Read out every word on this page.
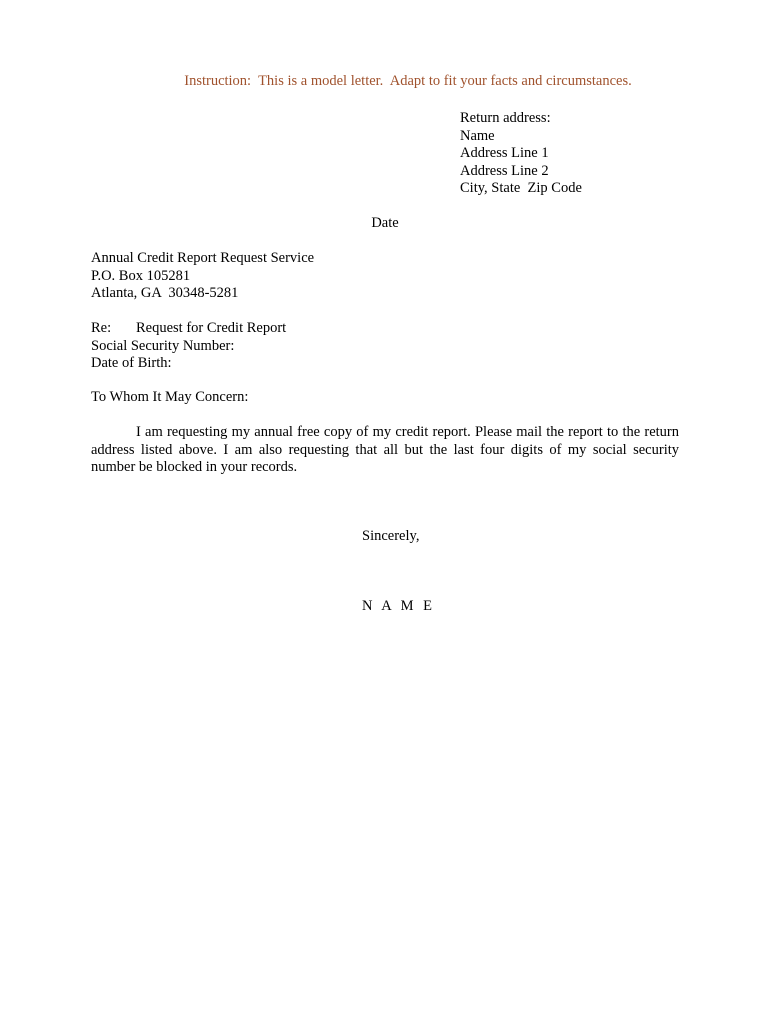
Instruction:  This is a model letter.  Adapt to fit your facts and circumstances.
Return address:
Name
Address Line 1
Address Line 2
City, State  Zip Code
Date
Annual Credit Report Request Service
P.O. Box 105281
Atlanta, GA  30348-5281
Re: Request for Credit Report
Social Security Number:
Date of Birth:
To Whom It May Concern:
I am requesting my annual free copy of my credit report. Please mail the report to the return address listed above. I am also requesting that all but the last four digits of my social security number be blocked in your records.
Sincerely,
N A M E
